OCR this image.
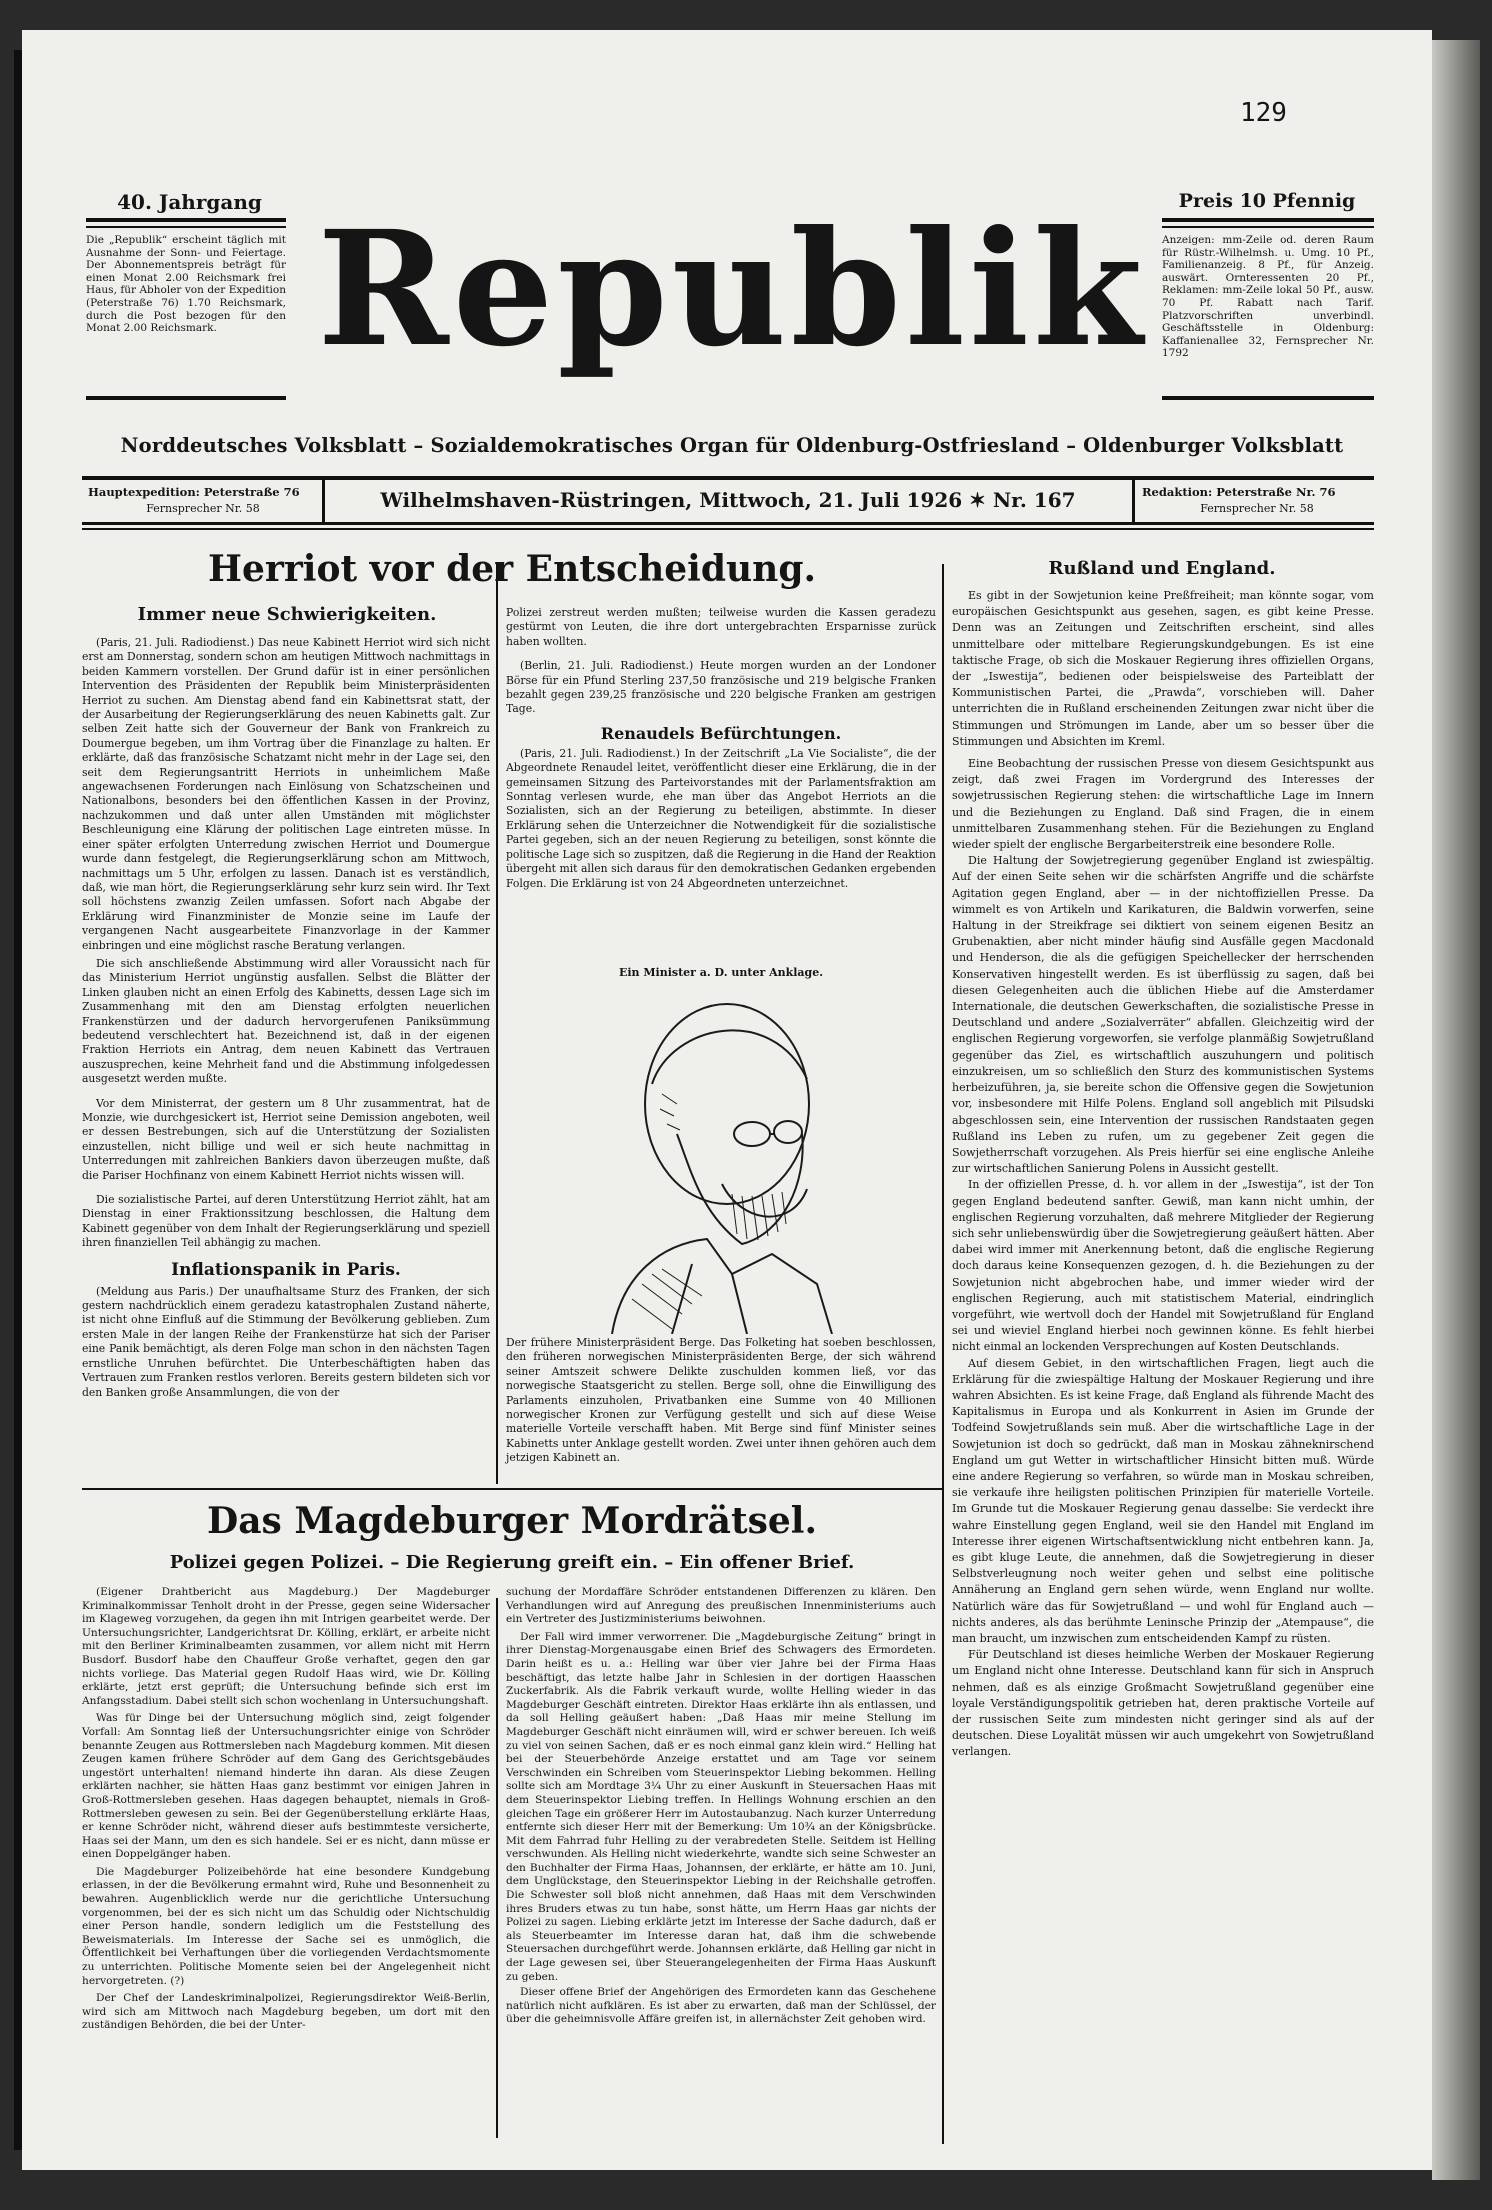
129
40. Jahrgang
Die „Republik“ erscheint täglich mit Ausnahme der Sonn- und Feiertage. Der Abonnementspreis beträgt für einen Monat 2.00 Reichsmark frei Haus, für Abholer von der Expedition (Peterstraße 76) 1.70 Reichsmark, durch die Post bezogen für den Monat 2.00 Reichsmark. Republik	Preis 10 Pfennig
Anzeigen: mm-Zeile od. deren Raum für Rüstr.-Wilhelmsh. u. Umg. 10 Pf., Familienanzeig. 8 Pf., für Anzeig. auswärt. Ornteressenten 20 Pf., Reklamen: mm-Zeile lokal 50 Pf., ausw. 70 Pf. Rabatt nach Tarif. Platzvorschriften unverbindl. Geschäftsstelle in Oldenburg: Kaffanienallee 32, Fernsprecher Nr. 1792
Norddeutsches Volksblatt – Sozialdemokratisches Organ für Oldenburg-Ostfriesland – Oldenburger Volksblatt
Hauptexpedition: Peterstraße 76
Fernsprecher Nr. 58	Wilhelmshaven-Rüstringen, Mittwoch, 21. Juli 1926 ✶ Nr. 167	Redaktion: Peterstraße Nr. 76
Fernsprecher Nr. 58
Herriot vor der Entscheidung.
Immer neue Schwierigkeiten.

(Paris, 21. Juli. Radiodienst.) Das neue Kabinett Herriot wird sich nicht erst am Donnerstag, sondern schon am heutigen Mittwoch nachmittags in beiden Kammern vorstellen. Der Grund dafür ist in einer persönlichen Intervention des Präsidenten der Republik beim Ministerpräsidenten Herriot zu suchen. Am Dienstag abend fand ein Kabinettsrat statt, der der Ausarbeitung der Regierungserklärung des neuen Kabinetts galt. Zur selben Zeit hatte sich der Gouverneur der Bank von Frankreich zu Doumergue begeben, um ihm Vortrag über die Finanzlage zu halten. Er erklärte, daß das französische Schatzamt nicht mehr in der Lage sei, den seit dem Regierungsantritt Herriots in unheimlichem Maße angewachsenen Forderungen nach Einlösung von Schatzscheinen und Nationalbons, besonders bei den öffentlichen Kassen in der Provinz, nachzukommen und daß unter allen Umständen mit möglichster Beschleunigung eine Klärung der politischen Lage eintreten müsse. In einer später erfolgten Unterredung zwischen Herriot und Doumergue wurde dann festgelegt, die Regierungserklärung schon am Mittwoch, nachmittags um 5 Uhr, erfolgen zu lassen. Danach ist es verständlich, daß, wie man hört, die Regierungserklärung sehr kurz sein wird. Ihr Text soll höchstens zwanzig Zeilen umfassen. Sofort nach Abgabe der Erklärung wird Finanzminister de Monzie seine im Laufe der vergangenen Nacht ausgearbeitete Finanzvorlage in der Kammer einbringen und eine möglichst rasche Beratung verlangen.

Die sich anschließende Abstimmung wird aller Voraussicht nach für das Ministerium Herriot ungünstig ausfallen. Selbst die Blätter der Linken glauben nicht an einen Erfolg des Kabinetts, dessen Lage sich im Zusammenhang mit den am Dienstag erfolgten neuerlichen Frankenstürzen und der dadurch hervorgerufenen Paniksümmung bedeutend verschlechtert hat. Bezeichnend ist, daß in der eigenen Fraktion Herriots ein Antrag, dem neuen Kabinett das Vertrauen auszusprechen, keine Mehrheit fand und die Abstimmung infolgedessen ausgesetzt werden mußte.

Vor dem Ministerrat, der gestern um 8 Uhr zusammentrat, hat de Monzie, wie durchgesickert ist, Herriot seine Demission angeboten, weil er dessen Bestrebungen, sich auf die Unterstützung der Sozialisten einzustellen, nicht billige und weil er sich heute nachmittag in Unterredungen mit zahlreichen Bankiers davon überzeugen mußte, daß die Pariser Hochfinanz von einem Kabinett Herriot nichts wissen will.

Die sozialistische Partei, auf deren Unterstützung Herriot zählt, hat am Dienstag in einer Fraktionssitzung beschlossen, die Haltung dem Kabinett gegenüber von dem Inhalt der Regierungserklärung und speziell ihren finanziellen Teil abhängig zu machen.

Inflationspanik in Paris.

(Meldung aus Paris.) Der unaufhaltsame Sturz des Franken, der sich gestern nachdrücklich einem geradezu katastrophalen Zustand näherte, ist nicht ohne Einfluß auf die Stimmung der Bevölkerung geblieben. Zum ersten Male in der langen Reihe der Frankenstürze hat sich der Pariser eine Panik bemächtigt, als deren Folge man schon in den nächsten Tagen ernstliche Unruhen befürchtet. Die Unterbeschäftigten haben das Vertrauen zum Franken restlos verloren. Bereits gestern bildeten sich vor den Banken große Ansammlungen, die von der

Polizei zerstreut werden mußten; teilweise wurden die Kassen geradezu gestürmt von Leuten, die ihre dort untergebrachten Ersparnisse zurück haben wollten.

(Berlin, 21. Juli. Radiodienst.) Heute morgen wurden an der Londoner Börse für ein Pfund Sterling 237,50 französische und 219 belgische Franken bezahlt gegen 239,25 französische und 220 belgische Franken am gestrigen Tage.

Renaudels Befürchtungen.

(Paris, 21. Juli. Radiodienst.) In der Zeitschrift „La Vie Socialiste“, die der Abgeordnete Renaudel leitet, veröffentlicht dieser eine Erklärung, die in der gemeinsamen Sitzung des Parteivorstandes mit der Parlamentsfraktion am Sonntag verlesen wurde, ehe man über das Angebot Herriots an die Sozialisten, sich an der Regierung zu beteiligen, abstimmte. In dieser Erklärung sehen die Unterzeichner die Notwendigkeit für die sozialistische Partei gegeben, sich an der neuen Regierung zu beteiligen, sonst könnte die politische Lage sich so zuspitzen, daß die Regierung in die Hand der Reaktion übergeht mit allen sich daraus für den demokratischen Gedanken ergebenden Folgen. Die Erklärung ist von 24 Abgeordneten unterzeichnet.

Ein Minister a. D. unter Anklage.
Der frühere Ministerpräsident Berge. Das Folketing hat soeben beschlossen, den früheren norwegischen Ministerpräsidenten Berge, der sich während seiner Amtszeit schwere Delikte zuschulden kommen ließ, vor das norwegische Staatsgericht zu stellen. Berge soll, ohne die Einwilligung des Parlaments einzuholen, Privatbanken eine Summe von 40 Millionen norwegischer Kronen zur Verfügung gestellt und sich auf diese Weise materielle Vorteile verschafft haben. Mit Berge sind fünf Minister seines Kabinetts unter Anklage gestellt worden. Zwei unter ihnen gehören auch dem jetzigen Kabinett an.
Rußland und England.

Es gibt in der Sowjetunion keine Preßfreiheit; man könnte sogar, vom europäischen Gesichtspunkt aus gesehen, sagen, es gibt keine Presse. Denn was an Zeitungen und Zeitschriften erscheint, sind alles unmittelbare oder mittelbare Regierungskundgebungen. Es ist eine taktische Frage, ob sich die Moskauer Regierung ihres offiziellen Organs, der „Iswestija“, bedienen oder beispielsweise des Parteiblatt der Kommunistischen Partei, die „Prawda“, vorschieben will. Daher unterrichten die in Rußland erscheinenden Zeitungen zwar nicht über die Stimmungen und Strömungen im Lande, aber um so besser über die Stimmungen und Absichten im Kreml.

Eine Beobachtung der russischen Presse von diesem Gesichtspunkt aus zeigt, daß zwei Fragen im Vordergrund des Interesses der sowjetrussischen Regierung stehen: die wirtschaftliche Lage im Innern und die Beziehungen zu England. Daß sind Fragen, die in einem unmittelbaren Zusammenhang stehen. Für die Beziehungen zu England wieder spielt der englische Bergarbeiterstreik eine besondere Rolle.

Die Haltung der Sowjetregierung gegenüber England ist zwiespältig. Auf der einen Seite sehen wir die schärfsten Angriffe und die schärfste Agitation gegen England, aber — in der nichtoffiziellen Presse. Da wimmelt es von Artikeln und Karikaturen, die Baldwin vorwerfen, seine Haltung in der Streikfrage sei diktiert von seinem eigenen Besitz an Grubenaktien, aber nicht minder häufig sind Ausfälle gegen Macdonald und Henderson, die als die gefügigen Speichellecker der herrschenden Konservativen hingestellt werden. Es ist überflüssig zu sagen, daß bei diesen Gelegenheiten auch die üblichen Hiebe auf die Amsterdamer Internationale, die deutschen Gewerkschaften, die sozialistische Presse in Deutschland und andere „Sozialverräter“ abfallen. Gleichzeitig wird der englischen Regierung vorgeworfen, sie verfolge planmäßig Sowjetrußland gegenüber das Ziel, es wirtschaftlich auszuhungern und politisch einzukreisen, um so schließlich den Sturz des kommunistischen Systems herbeizuführen, ja, sie bereite schon die Offensive gegen die Sowjetunion vor, insbesondere mit Hilfe Polens. England soll angeblich mit Pilsudski abgeschlossen sein, eine Intervention der russischen Randstaaten gegen Rußland ins Leben zu rufen, um zu gegebener Zeit gegen die Sowjetherrschaft vorzugehen. Als Preis hierfür sei eine englische Anleihe zur wirtschaftlichen Sanierung Polens in Aussicht gestellt.

In der offiziellen Presse, d. h. vor allem in der „Iswestija“, ist der Ton gegen England bedeutend sanfter. Gewiß, man kann nicht umhin, der englischen Regierung vorzuhalten, daß mehrere Mitglieder der Regierung sich sehr unliebenswürdig über die Sowjetregierung geäußert hätten. Aber dabei wird immer mit Anerkennung betont, daß die englische Regierung doch daraus keine Konsequenzen gezogen, d. h. die Beziehungen zu der Sowjetunion nicht abgebrochen habe, und immer wieder wird der englischen Regierung, auch mit statistischem Material, eindringlich vorgeführt, wie wertvoll doch der Handel mit Sowjetrußland für England sei und wieviel England hierbei noch gewinnen könne. Es fehlt hierbei nicht einmal an lockenden Versprechungen auf Kosten Deutschlands.

Auf diesem Gebiet, in den wirtschaftlichen Fragen, liegt auch die Erklärung für die zwiespältige Haltung der Moskauer Regierung und ihre wahren Absichten. Es ist keine Frage, daß England als führende Macht des Kapitalismus in Europa und als Konkurrent in Asien im Grunde der Todfeind Sowjetrußlands sein muß. Aber die wirtschaftliche Lage in der Sowjetunion ist doch so gedrückt, daß man in Moskau zähneknirschend England um gut Wetter in wirtschaftlicher Hinsicht bitten muß. Würde eine andere Regierung so verfahren, so würde man in Moskau schreiben, sie verkaufe ihre heiligsten politischen Prinzipien für materielle Vorteile. Im Grunde tut die Moskauer Regierung genau dasselbe: Sie verdeckt ihre wahre Einstellung gegen England, weil sie den Handel mit England im Interesse ihrer eigenen Wirtschaftsentwicklung nicht entbehren kann. Ja, es gibt kluge Leute, die annehmen, daß die Sowjetregierung in dieser Selbstverleugnung noch weiter gehen und selbst eine politische Annäherung an England gern sehen würde, wenn England nur wollte. Natürlich wäre das für Sowjetrußland — und wohl für England auch — nichts anderes, als das berühmte Leninsche Prinzip der „Atempause“, die man braucht, um inzwischen zum entscheidenden Kampf zu rüsten.

Für Deutschland ist dieses heimliche Werben der Moskauer Regierung um England nicht ohne Interesse. Deutschland kann für sich in Anspruch nehmen, daß es als einzige Großmacht Sowjetrußland gegenüber eine loyale Verständigungspolitik getrieben hat, deren praktische Vorteile auf der russischen Seite zum mindesten nicht geringer sind als auf der deutschen. Diese Loyalität müssen wir auch umgekehrt von Sowjetrußland verlangen.

Das Magdeburger Mordrätsel.
Polizei gegen Polizei. – Die Regierung greift ein. – Ein offener Brief.

(Eigener Drahtbericht aus Magdeburg.) Der Magdeburger Kriminalkommissar Tenholt droht in der Presse, gegen seine Widersacher im Klageweg vorzugehen, da gegen ihn mit Intrigen gearbeitet werde. Der Untersuchungsrichter, Landgerichtsrat Dr. Kölling, erklärt, er arbeite nicht mit den Berliner Kriminalbeamten zusammen, vor allem nicht mit Herrn Busdorf. Busdorf habe den Chauffeur Große verhaftet, gegen den gar nichts vorliege. Das Material gegen Rudolf Haas wird, wie Dr. Kölling erklärte, jetzt erst geprüft; die Untersuchung befinde sich erst im Anfangsstadium. Dabei stellt sich schon wochenlang in Untersuchungshaft.

Was für Dinge bei der Untersuchung möglich sind, zeigt folgender Vorfall: Am Sonntag ließ der Untersuchungsrichter einige von Schröder benannte Zeugen aus Rottmersleben nach Magdeburg kommen. Mit diesen Zeugen kamen frühere Schröder auf dem Gang des Gerichtsgebäudes ungestört unterhalten! niemand hinderte ihn daran. Als diese Zeugen erklärten nachher, sie hätten Haas ganz bestimmt vor einigen Jahren in Groß-Rottmersleben gesehen. Haas dagegen behauptet, niemals in Groß-Rottmersleben gewesen zu sein. Bei der Gegenüberstellung erklärte Haas, er kenne Schröder nicht, während dieser aufs bestimmteste versicherte, Haas sei der Mann, um den es sich handele. Sei er es nicht, dann müsse er einen Doppelgänger haben.

Die Magdeburger Polizeibehörde hat eine besondere Kundgebung erlassen, in der die Bevölkerung ermahnt wird, Ruhe und Besonnenheit zu bewahren. Augenblicklich werde nur die gerichtliche Untersuchung vorgenommen, bei der es sich nicht um das Schuldig oder Nichtschuldig einer Person handle, sondern lediglich um die Feststellung des Beweismaterials. Im Interesse der Sache sei es unmöglich, die Öffentlichkeit bei Verhaftungen über die vorliegenden Verdachtsmomente zu unterrichten. Politische Momente seien bei der Angelegenheit nicht hervorgetreten. (?)

Der Chef der Landeskriminalpolizei, Regierungsdirektor Weiß-Berlin, wird sich am Mittwoch nach Magdeburg begeben, um dort mit den zuständigen Behörden, die bei der Unter-

suchung der Mordaffäre Schröder entstandenen Differenzen zu klären. Den Verhandlungen wird auf Anregung des preußischen Innenministeriums auch ein Vertreter des Justizministeriums beiwohnen.

Der Fall wird immer verworrener. Die „Magdeburgische Zeitung“ bringt in ihrer Dienstag-Morgenausgabe einen Brief des Schwagers des Ermordeten. Darin heißt es u. a.: Helling war über vier Jahre bei der Firma Haas beschäftigt, das letzte halbe Jahr in Schlesien in der dortigen Haasschen Zuckerfabrik. Als die Fabrik verkauft wurde, wollte Helling wieder in das Magdeburger Geschäft eintreten. Direktor Haas erklärte ihn als entlassen, und da soll Helling geäußert haben: „Daß Haas mir meine Stellung im Magdeburger Geschäft nicht einräumen will, wird er schwer bereuen. Ich weiß zu viel von seinen Sachen, daß er es noch einmal ganz klein wird.“ Helling hat bei der Steuerbehörde Anzeige erstattet und am Tage vor seinem Verschwinden ein Schreiben vom Steuerinspektor Liebing bekommen. Helling sollte sich am Mordtage 3¼ Uhr zu einer Auskunft in Steuersachen Haas mit dem Steuerinspektor Liebing treffen. In Hellings Wohnung erschien an den gleichen Tage ein größerer Herr im Autostaubanzug. Nach kurzer Unterredung entfernte sich dieser Herr mit der Bemerkung: Um 10¾ an der Königsbrücke. Mit dem Fahrrad fuhr Helling zu der verabredeten Stelle. Seitdem ist Helling verschwunden. Als Helling nicht wiederkehrte, wandte sich seine Schwester an den Buchhalter der Firma Haas, Johannsen, der erklärte, er hätte am 10. Juni, dem Unglückstage, den Steuerinspektor Liebing in der Reichshalle getroffen. Die Schwester soll bloß nicht annehmen, daß Haas mit dem Verschwinden ihres Bruders etwas zu tun habe, sonst hätte, um Herrn Haas gar nichts der Polizei zu sagen. Liebing erklärte jetzt im Interesse der Sache dadurch, daß er als Steuerbeamter im Interesse daran hat, daß ihm die schwebende Steuersachen durchgeführt werde. Johannsen erklärte, daß Helling gar nicht in der Lage gewesen sei, über Steuerangelegenheiten der Firma Haas Auskunft zu geben.

Dieser offene Brief der Angehörigen des Ermordeten kann das Geschehene natürlich nicht aufklären. Es ist aber zu erwarten, daß man der Schlüssel, der über die geheimnisvolle Affäre greifen ist, in allernächster Zeit gehoben wird.
